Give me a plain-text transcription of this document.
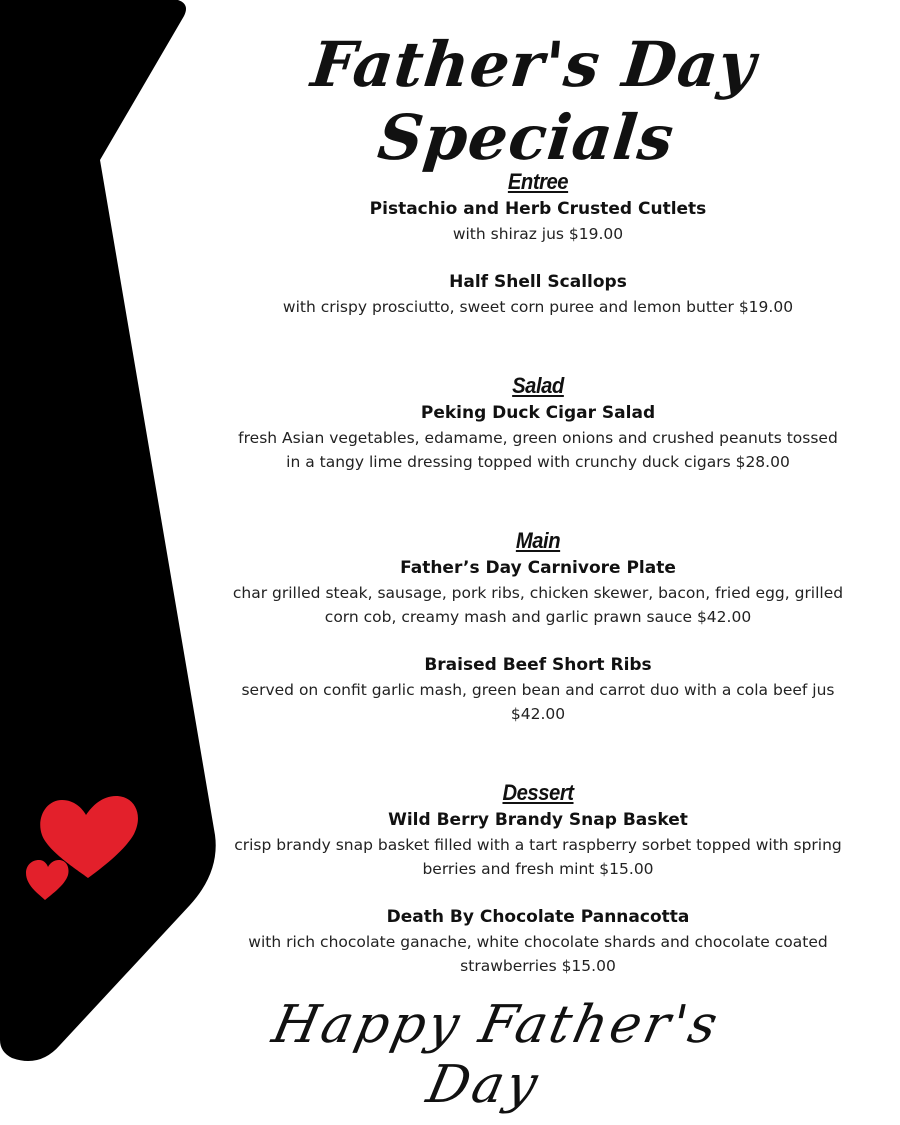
Father's Day Specials
Entree
Pistachio and Herb Crusted Cutlets
with shiraz jus $19.00
Half Shell Scallops
with crispy prosciutto, sweet corn puree and lemon butter $19.00
Salad
Peking Duck Cigar Salad
fresh Asian vegetables, edamame, green onions and crushed peanuts tossed in a tangy lime dressing topped with crunchy duck cigars $28.00
Main
Father’s Day Carnivore Plate
char grilled steak, sausage, pork ribs, chicken skewer, bacon, fried egg, grilled corn cob, creamy mash and garlic prawn sauce $42.00
Braised Beef Short Ribs
served on confit garlic mash, green bean and carrot duo with a cola beef jus $42.00
Dessert
Wild Berry Brandy Snap Basket
crisp brandy snap basket filled with a tart raspberry sorbet topped with spring berries and fresh mint $15.00
Death By Chocolate Pannacotta
with rich chocolate ganache, white chocolate shards and chocolate coated strawberries $15.00
Happy Father's Day
